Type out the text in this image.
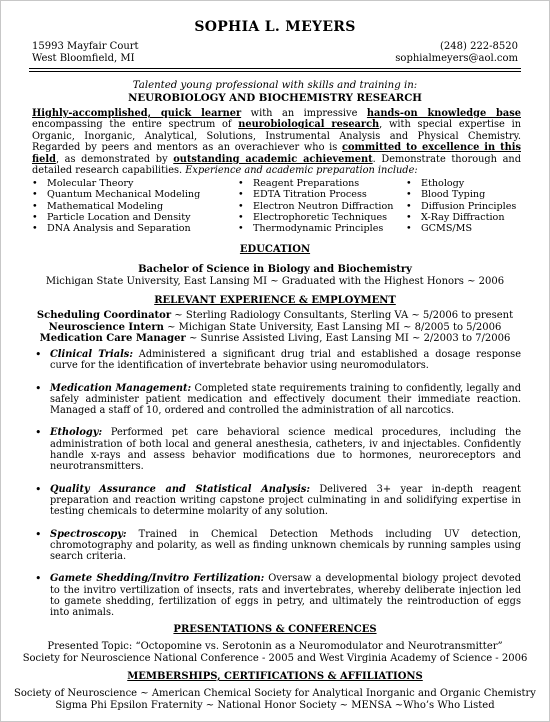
SOPHIA L. MEYERS
15993 Mayfair Court
West Bloomfield, MI
(248) 222-8520
sophialmeyers@aol.com
Talented young professional with skills and training in:
NEUROBIOLOGY AND BIOCHEMISTRY RESEARCH
Highly-accomplished, quick learner with an impressive hands-on knowledge base encompassing the entire spectrum of neurobiological research, with special expertise in Organic, Inorganic, Analytical, Solutions, Instrumental Analysis and Physical Chemistry. Regarded by peers and mentors as an overachiever who is committed to excellence in this field, as demonstrated by outstanding academic achievement. Demonstrate thorough and detailed research capabilities. Experience and academic preparation include:
• Molecular Theory
• Quantum Mechanical Modeling
• Mathematical Modeling
• Particle Location and Density
• DNA Analysis and Separation
• Reagent Preparations
• EDTA Titration Process
• Electron Neutron Diffraction
• Electrophoretic Techniques
• Thermodynamic Principles
• Ethology
• Blood Typing
• Diffusion Principles
• X-Ray Diffraction
• GCMS/MS
EDUCATION
Bachelor of Science in Biology and Biochemistry
Michigan State University, East Lansing MI ~ Graduated with the Highest Honors ~ 2006
RELEVANT EXPERIENCE & EMPLOYMENT
Scheduling Coordinator ~ Sterling Radiology Consultants, Sterling VA ~ 5/2006 to present
Neuroscience Intern ~ Michigan State University, East Lansing MI ~ 8/2005 to 5/2006
Medication Care Manager ~ Sunrise Assisted Living, East Lansing MI ~ 2/2003 to 7/2006
• Clinical Trials: Administered a significant drug trial and established a dosage response curve for the identification of invertebrate behavior using neuromodulators.
• Medication Management: Completed state requirements training to confidently, legally and safely administer patient medication and effectively document their immediate reaction. Managed a staff of 10, ordered and controlled the administration of all narcotics.
• Ethology: Performed pet care behavioral science medical procedures, including the administration of both local and general anesthesia, catheters, iv and injectables. Confidently handle x-rays and assess behavior modifications due to hormones, neuroreceptors and neurotransmitters.
• Quality Assurance and Statistical Analysis: Delivered 3+ year in-depth reagent preparation and reaction writing capstone project culminating in and solidifying expertise in testing chemicals to determine molarity of any solution.
• Spectroscopy: Trained in Chemical Detection Methods including UV detection, chromotography and polarity, as well as finding unknown chemicals by running samples using search criteria.
• Gamete Shedding/Invitro Fertilization: Oversaw a developmental biology project devoted to the invitro vertilization of insects, rats and invertebrates, whereby deliberate injection led to gamete shedding, fertilization of eggs in petry, and ultimately the reintroduction of eggs into animals.
PRESENTATIONS & CONFERENCES
Presented Topic: “Octopomine vs. Serotonin as a Neuromodulator and Neurotransmitter”
Society for Neuroscience National Conference - 2005 and West Virginia Academy of Science - 2006
MEMBERSHIPS, CERTIFICATIONS & AFFILIATIONS
Society of Neuroscience ~ American Chemical Society for Analytical Inorganic and Organic Chemistry
Sigma Phi Epsilon Fraternity ~ National Honor Society ~ MENSA ~Who’s Who Listed
